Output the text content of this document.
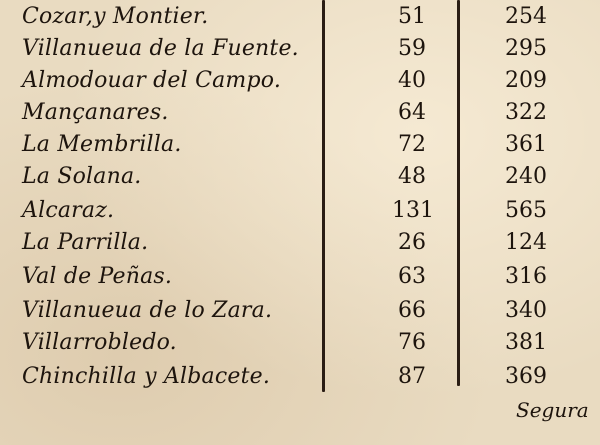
Cozar,y Montier.	51	254
Villanueua de la Fuente.	59	295
Almodouar del Campo.	40	209
Mançanares.	64	322
La Membrilla.	72	361
La Solana.	48	240
Alcaraz.	131	565
La Parrilla.	26	124
Val de Peñas.	63	316
Villanueua de lo Zara.	66	340
Villarrobledo.	76	381
Chinchilla y Albacete.	87	369
Segura
